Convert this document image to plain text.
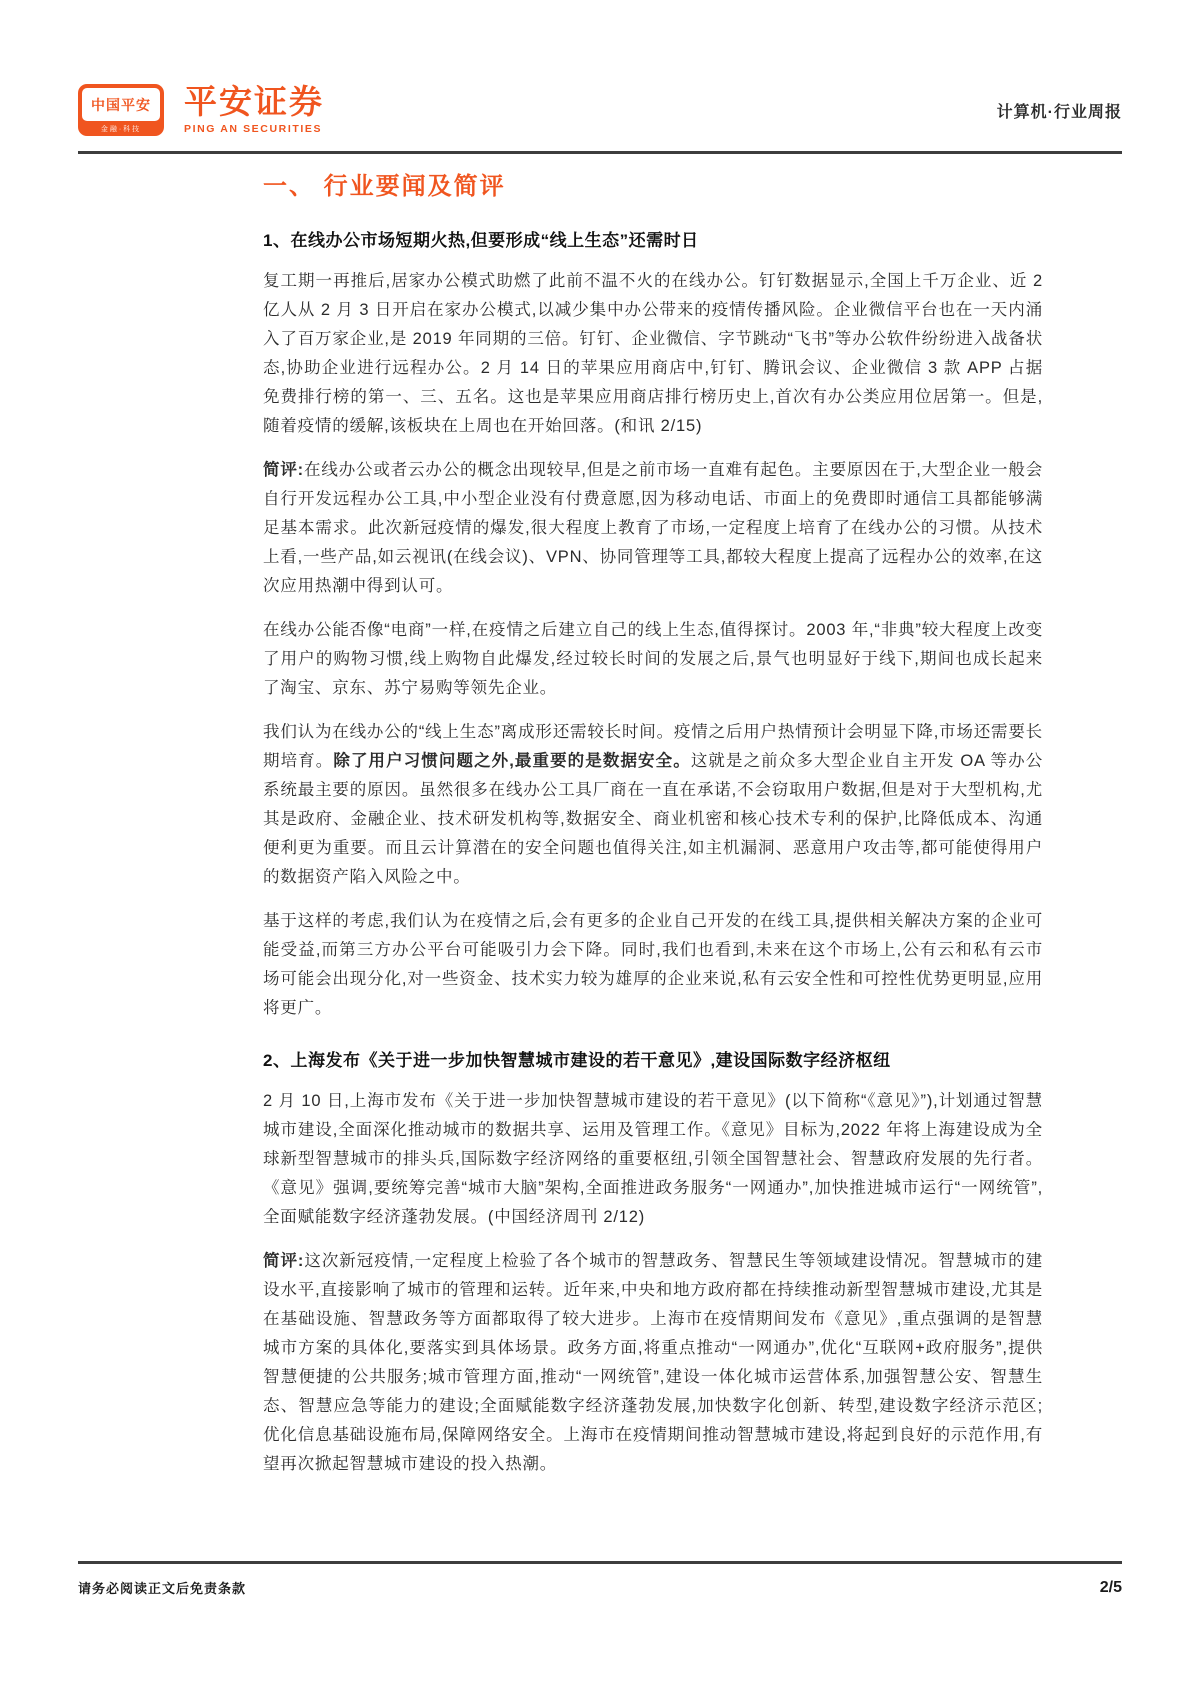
中国平安
金融·科技
平安证券
PING AN SECURITIES
计算机·行业周报
一、 行业要闻及简评

1、在线办公市场短期火热,但要形成“线上生态”还需时日

复工期一再推后,居家办公模式助燃了此前不温不火的在线办公。钉钉数据显示,全国上千万企业、近 2 亿人从 2 月 3 日开启在家办公模式,以减少集中办公带来的疫情传播风险。企业微信平台也在一天内涌入了百万家企业,是 2019 年同期的三倍。钉钉、企业微信、字节跳动“飞书”等办公软件纷纷进入战备状态,协助企业进行远程办公。2 月 14 日的苹果应用商店中,钉钉、腾讯会议、企业微信 3 款 APP 占据免费排行榜的第一、三、五名。这也是苹果应用商店排行榜历史上,首次有办公类应用位居第一。但是,随着疫情的缓解,该板块在上周也在开始回落。(和讯 2/15)

简评:在线办公或者云办公的概念出现较早,但是之前市场一直难有起色。主要原因在于,大型企业一般会自行开发远程办公工具,中小型企业没有付费意愿,因为移动电话、市面上的免费即时通信工具都能够满足基本需求。此次新冠疫情的爆发,很大程度上教育了市场,一定程度上培育了在线办公的习惯。从技术上看,一些产品,如云视讯(在线会议)、VPN、协同管理等工具,都较大程度上提高了远程办公的效率,在这次应用热潮中得到认可。

在线办公能否像“电商”一样,在疫情之后建立自己的线上生态,值得探讨。2003 年,“非典”较大程度上改变了用户的购物习惯,线上购物自此爆发,经过较长时间的发展之后,景气也明显好于线下,期间也成长起来了淘宝、京东、苏宁易购等领先企业。

我们认为在线办公的“线上生态”离成形还需较长时间。疫情之后用户热情预计会明显下降,市场还需要长期培育。除了用户习惯问题之外,最重要的是数据安全。这就是之前众多大型企业自主开发 OA 等办公系统最主要的原因。虽然很多在线办公工具厂商在一直在承诺,不会窃取用户数据,但是对于大型机构,尤其是政府、金融企业、技术研发机构等,数据安全、商业机密和核心技术专利的保护,比降低成本、沟通便利更为重要。而且云计算潜在的安全问题也值得关注,如主机漏洞、恶意用户攻击等,都可能使得用户的数据资产陷入风险之中。

基于这样的考虑,我们认为在疫情之后,会有更多的企业自己开发的在线工具,提供相关解决方案的企业可能受益,而第三方办公平台可能吸引力会下降。同时,我们也看到,未来在这个市场上,公有云和私有云市场可能会出现分化,对一些资金、技术实力较为雄厚的企业来说,私有云安全性和可控性优势更明显,应用将更广。

2、上海发布《关于进一步加快智慧城市建设的若干意见》,建设国际数字经济枢纽

2 月 10 日,上海市发布《关于进一步加快智慧城市建设的若干意见》(以下简称“《意见》”),计划通过智慧城市建设,全面深化推动城市的数据共享、运用及管理工作。《意见》目标为,2022 年将上海建设成为全球新型智慧城市的排头兵,国际数字经济网络的重要枢纽,引领全国智慧社会、智慧政府发展的先行者。《意见》强调,要统筹完善“城市大脑”架构,全面推进政务服务“一网通办”,加快推进城市运行“一网统管”, 全面赋能数字经济蓬勃发展。(中国经济周刊 2/12)

简评:这次新冠疫情,一定程度上检验了各个城市的智慧政务、智慧民生等领域建设情况。智慧城市的建设水平,直接影响了城市的管理和运转。近年来,中央和地方政府都在持续推动新型智慧城市建设,尤其是在基础设施、智慧政务等方面都取得了较大进步。上海市在疫情期间发布《意见》,重点强调的是智慧城市方案的具体化,要落实到具体场景。政务方面,将重点推动“一网通办”,优化“互联网+政府服务”,提供智慧便捷的公共服务;城市管理方面,推动“一网统管”,建设一体化城市运营体系,加强智慧公安、智慧生态、智慧应急等能力的建设;全面赋能数字经济蓬勃发展,加快数字化创新、转型,建设数字经济示范区;优化信息基础设施布局,保障网络安全。上海市在疫情期间推动智慧城市建设,将起到良好的示范作用,有望再次掀起智慧城市建设的投入热潮。

请务必阅读正文后免责条款	2/5
